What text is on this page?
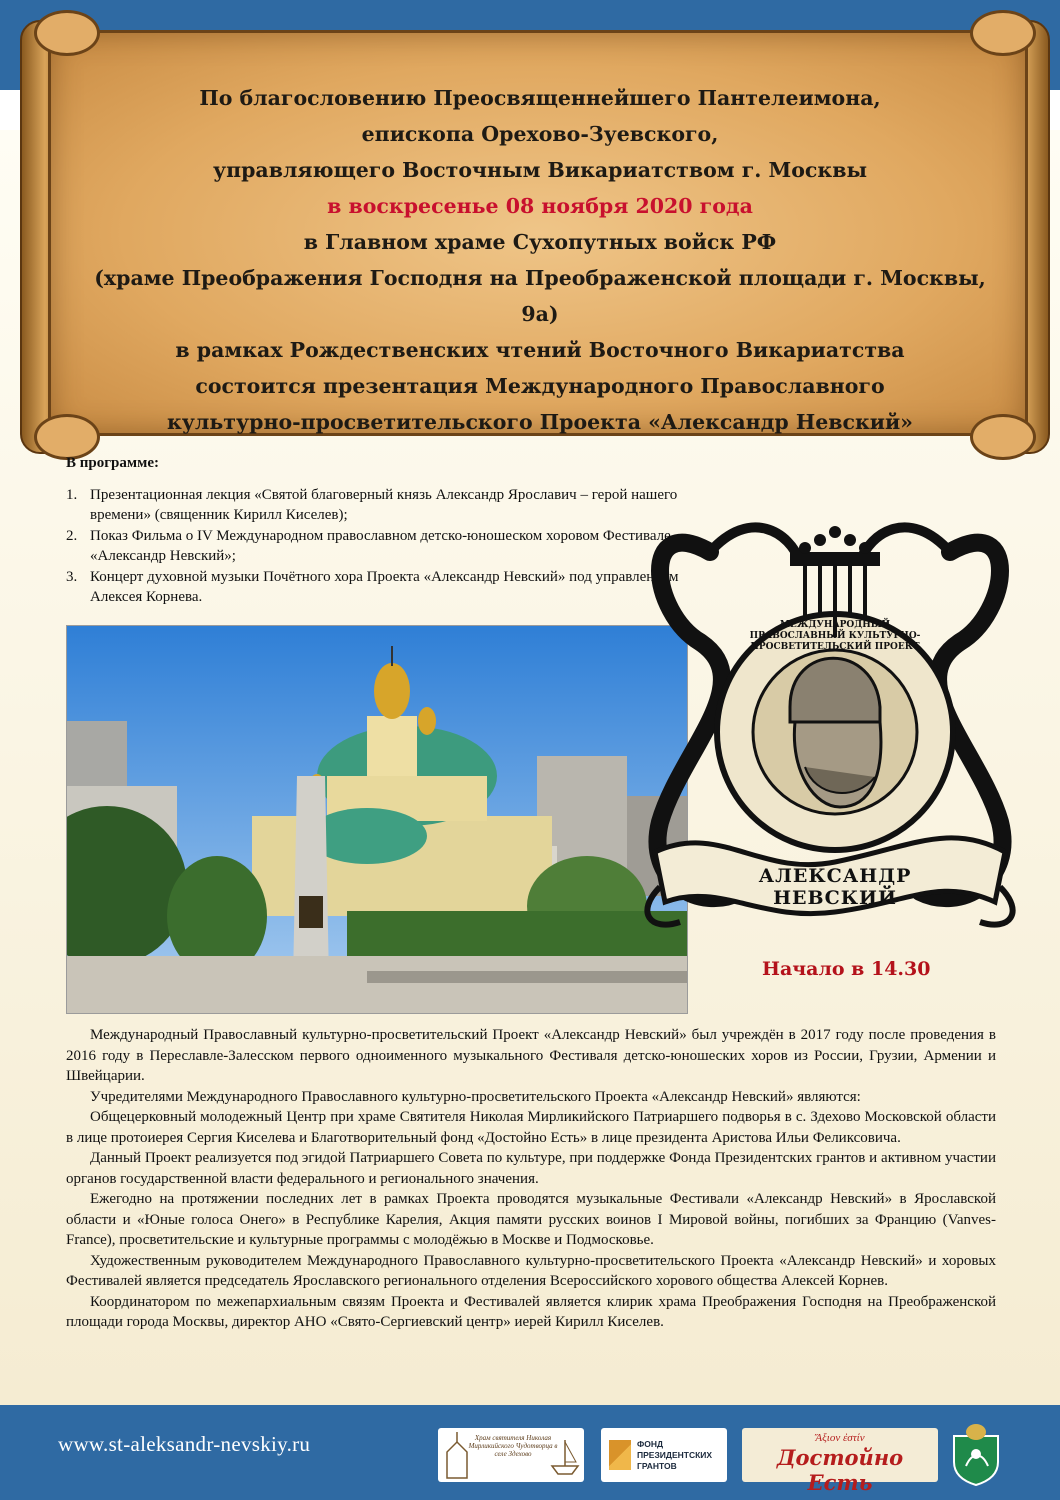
По благословению Преосвященнейшего Пантелеимона,
епископа Орехово-Зуевского,
управляющего Восточным Викариатством г. Москвы
в воскресенье 08 ноября 2020 года
в Главном храме Сухопутных войск РФ
(храме Преображения Господня на Преображенской площади г. Москвы, 9а)
в рамках Рождественских чтений Восточного Викариатства
состоится презентация Международного Православного
культурно-просветительского Проекта «Александр Невский»
В программе:
1. Презентационная лекция «Святой благоверный князь Александр Ярославич – герой нашего времени» (священник Кирилл Киселев);
2. Показ Фильма о IV Международном православном детско-юношеском хоровом Фестивале «Александр Невский»;
3. Концерт духовной музыки Почётного хора Проекта «Александр Невский» под управлением Алексея Корнева.
МЕЖДУНАРОДНЫЙ ПРАВОСЛАВНЫЙ КУЛЬТУРНО-ПРОСВЕТИТЕЛЬСКИЙ ПРОЕКТ
АЛЕКСАНДР НЕВСКИЙ
Начало в 14.30

Международный Православный культурно-просветительский Проект «Александр Невский» был учреждён в 2017 году после проведения в 2016 году в Переславле-Залесском первого одноименного музыкального Фестиваля детско-юношеских хоров из России, Грузии, Армении и Швейцарии.

Учредителями Международного Православного культурно-просветительского Проекта «Александр Невский» являются:

Общецерковный молодежный Центр при храме Святителя Николая Мирликийского Патриаршего подворья в с. Здехово Московской области в лице протоиерея Сергия Киселева и Благотворительный фонд «Достойно Есть» в лице президента Аристова Ильи Феликсовича.

Данный Проект реализуется под эгидой Патриаршего Совета по культуре, при поддержке Фонда Президентских грантов и активном участии органов государственной власти федерального и регионального значения.

Ежегодно на протяжении последних лет в рамках Проекта проводятся музыкальные Фестивали «Александр Невский» в Ярославской области и «Юные голоса Онего» в Республике Карелия, Акция памяти русских воинов I Мировой войны, погибших за Францию (Vanves-France), просветительские и культурные программы с молодёжью в Москве и Подмосковье.

Художественным руководителем Международного Православного культурно-просветительского Проекта «Александр Невский» и хоровых Фестивалей является председатель Ярославского регионального отделения Всероссийского хорового общества Алексей Корнев.

Координатором по межепархиальным связям Проекта и Фестивалей является клирик храма Преображения Господня на Преображенской площади города Москвы, директор АНО «Свято-Сергиевский центр» иерей Кирилл Киселев.

www.st-aleksandr-nevskiy.ru	Храм святителя Николая Мирликийского Чудотворца в селе Здехово
ФОНД
ПРЕЗИДЕНТСКИХ
ГРАНТОВ
Ἄξιον ἐστίν
Достойно Есть
